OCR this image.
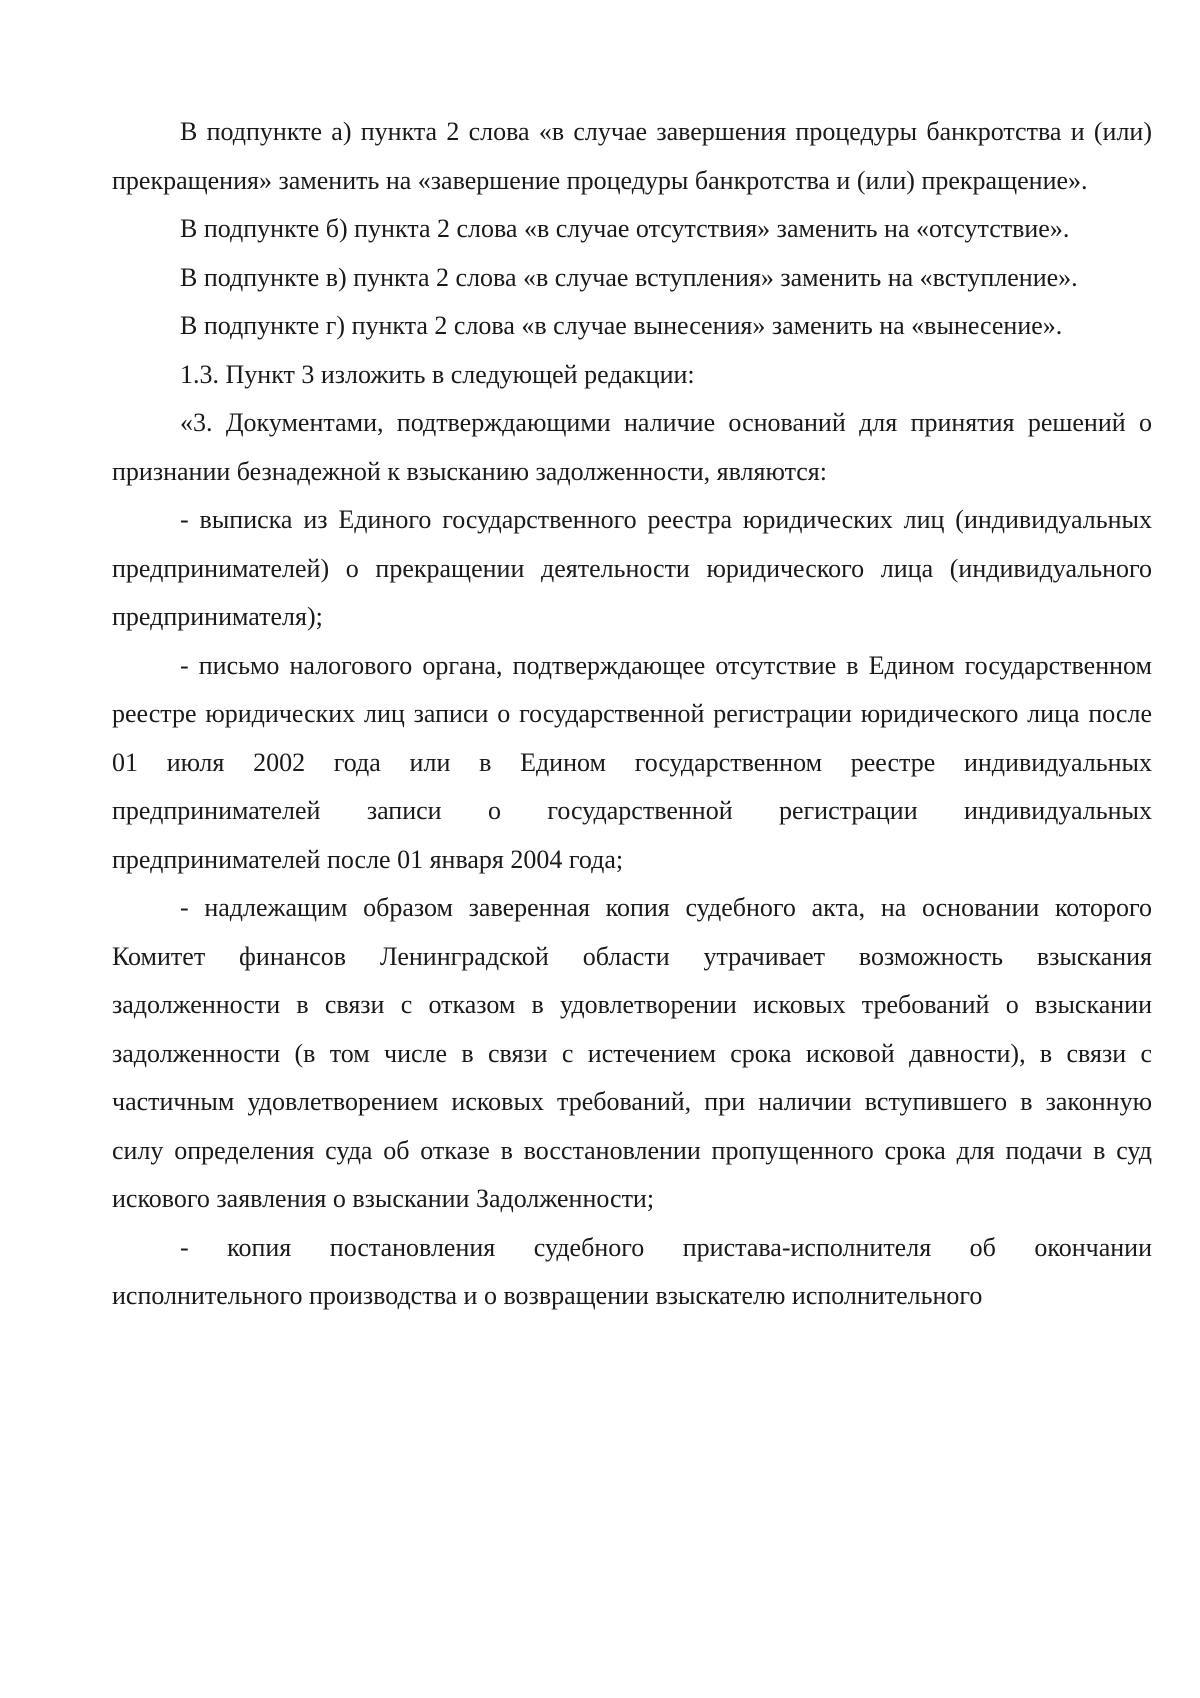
В подпункте а) пункта 2 слова «в случае завершения процедуры банкротства и (или) прекращения» заменить на «завершение процедуры банкротства и (или) прекращение».

В подпункте б) пункта 2 слова «в случае отсутствия» заменить на «отсутствие».

В подпункте в) пункта 2 слова «в случае вступления» заменить на «вступление».

В подпункте г) пункта 2 слова «в случае вынесения» заменить на «вынесение».

1.3. Пункт 3 изложить в следующей редакции:

«3. Документами, подтверждающими наличие оснований для принятия решений о признании безнадежной к взысканию задолженности, являются:

- выписка из Единого государственного реестра юридических лиц (индивидуальных предпринимателей) о прекращении деятельности юридического лица (индивидуального предпринимателя);

- письмо налогового органа, подтверждающее отсутствие в Едином государственном реестре юридических лиц записи о государственной регистрации юридического лица после 01 июля 2002 года или в Едином государственном реестре индивидуальных предпринимателей записи о государственной регистрации индивидуальных предпринимателей после 01 января 2004 года;

- надлежащим образом заверенная копия судебного акта, на основании которого Комитет финансов Ленинградской области утрачивает возможность взыскания задолженности в связи с отказом в удовлетворении исковых требований о взыскании задолженности (в том числе в связи с истечением срока исковой давности), в связи с частичным удовлетворением исковых требований, при наличии вступившего в законную силу определения суда об отказе в восстановлении пропущенного срока для подачи в суд искового заявления о взыскании Задолженности;

- копия постановления судебного пристава-исполнителя об окончании исполнительного производства и о возвращении взыскателю исполнительного
